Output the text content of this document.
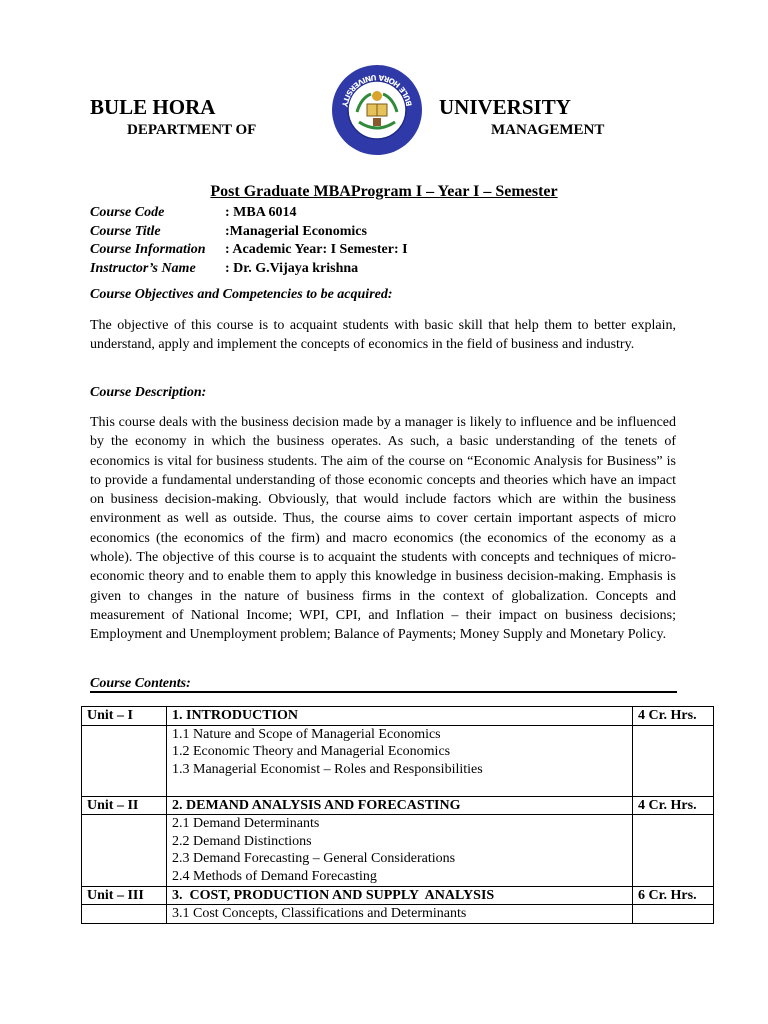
BULE HORA	UNIVERSITY
DEPARTMENT OF	MANAGEMENT
BULE HORA UNIVERSITY
Post Graduate MBAProgram I – Year I – Semester
Course Code	: MBA 6014
Course Title	:Managerial Economics
Course Information	: Academic Year: I Semester: I
Instructor’s Name	: Dr. G.Vijaya krishna
Course Objectives and Competencies to be acquired:
The objective of this course is to acquaint students with basic skill that help them to better explain, understand, apply and implement the concepts of economics in the field of business and industry.
Course Description:
This course deals with the business decision made by a manager is likely to influence and be influenced by the economy in which the business operates. As such, a basic understanding of the tenets of economics is vital for business students. The aim of the course on “Economic Analysis for Business” is to provide a fundamental understanding of those economic concepts and theories which have an impact on business decision-making. Obviously, that would include factors which are within the business environment as well as outside. Thus, the course aims to cover certain important aspects of micro economics (the economics of the firm) and macro economics (the economics of the economy as a whole). The objective of this course is to acquaint the students with concepts and techniques of micro-economic theory and to enable them to apply this knowledge in business decision-making. Emphasis is given to changes in the nature of business firms in the context of globalization. Concepts and measurement of National Income; WPI, CPI, and Inflation – their impact on business decisions; Employment and Unemployment problem; Balance of Payments; Money Supply and Monetary Policy.
Course Contents:
Unit – I	1. INTRODUCTION	4 Cr. Hrs.

	1.1 Nature and Scope of Managerial Economics
1.2 Economic Theory and Managerial Economics
1.3 Managerial Economist – Roles and Responsibilities	

Unit – II	2. DEMAND ANALYSIS AND FORECASTING	4 Cr. Hrs.

	2.1 Demand Determinants
2.2 Demand Distinctions
2.3 Demand Forecasting – General Considerations
2.4 Methods of Demand Forecasting	

Unit – III	3.  COST, PRODUCTION AND SUPPLY  ANALYSIS	6 Cr. Hrs.

	3.1 Cost Concepts, Classifications and Determinants	
